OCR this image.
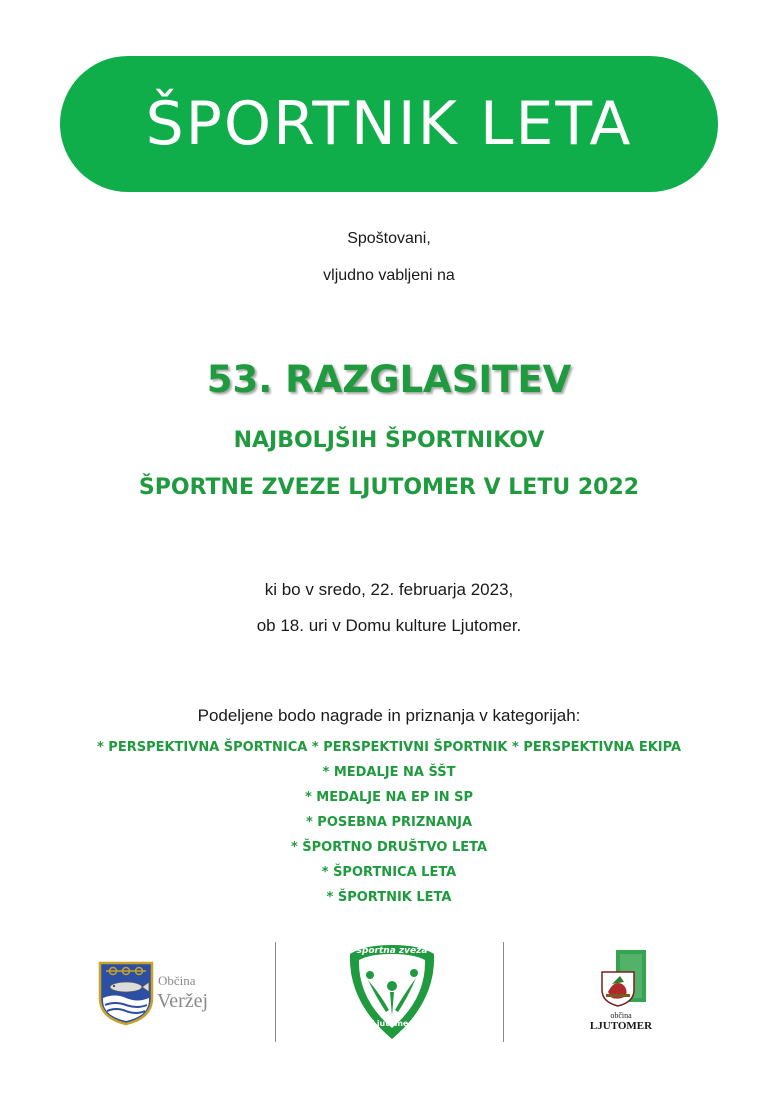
ŠPORTNIK LETA
Spoštovani,
vljudno vabljeni na
53. RAZGLASITEV
NAJBOLJŠIH ŠPORTNIKOV
ŠPORTNE ZVEZE LJUTOMER V LETU 2022
ki bo v sredo, 22. februarja 2023,
ob 18. uri v Domu kulture Ljutomer.
Podeljene bodo nagrade in priznanja v kategorijah:
* PERSPEKTIVNA ŠPORTNICA * PERSPEKTIVNI ŠPORTNIK * PERSPEKTIVNA EKIPA
* MEDALJE NA ŠŠT
* MEDALJE NA EP IN SP
* POSEBNA PRIZNANJA
* ŠPORTNO DRUŠTVO LETA
* ŠPORTNICA LETA
* ŠPORTNIK LETA
Občina
Veržej
športna zveza
Ljutomer
občina
LJUTOMER
